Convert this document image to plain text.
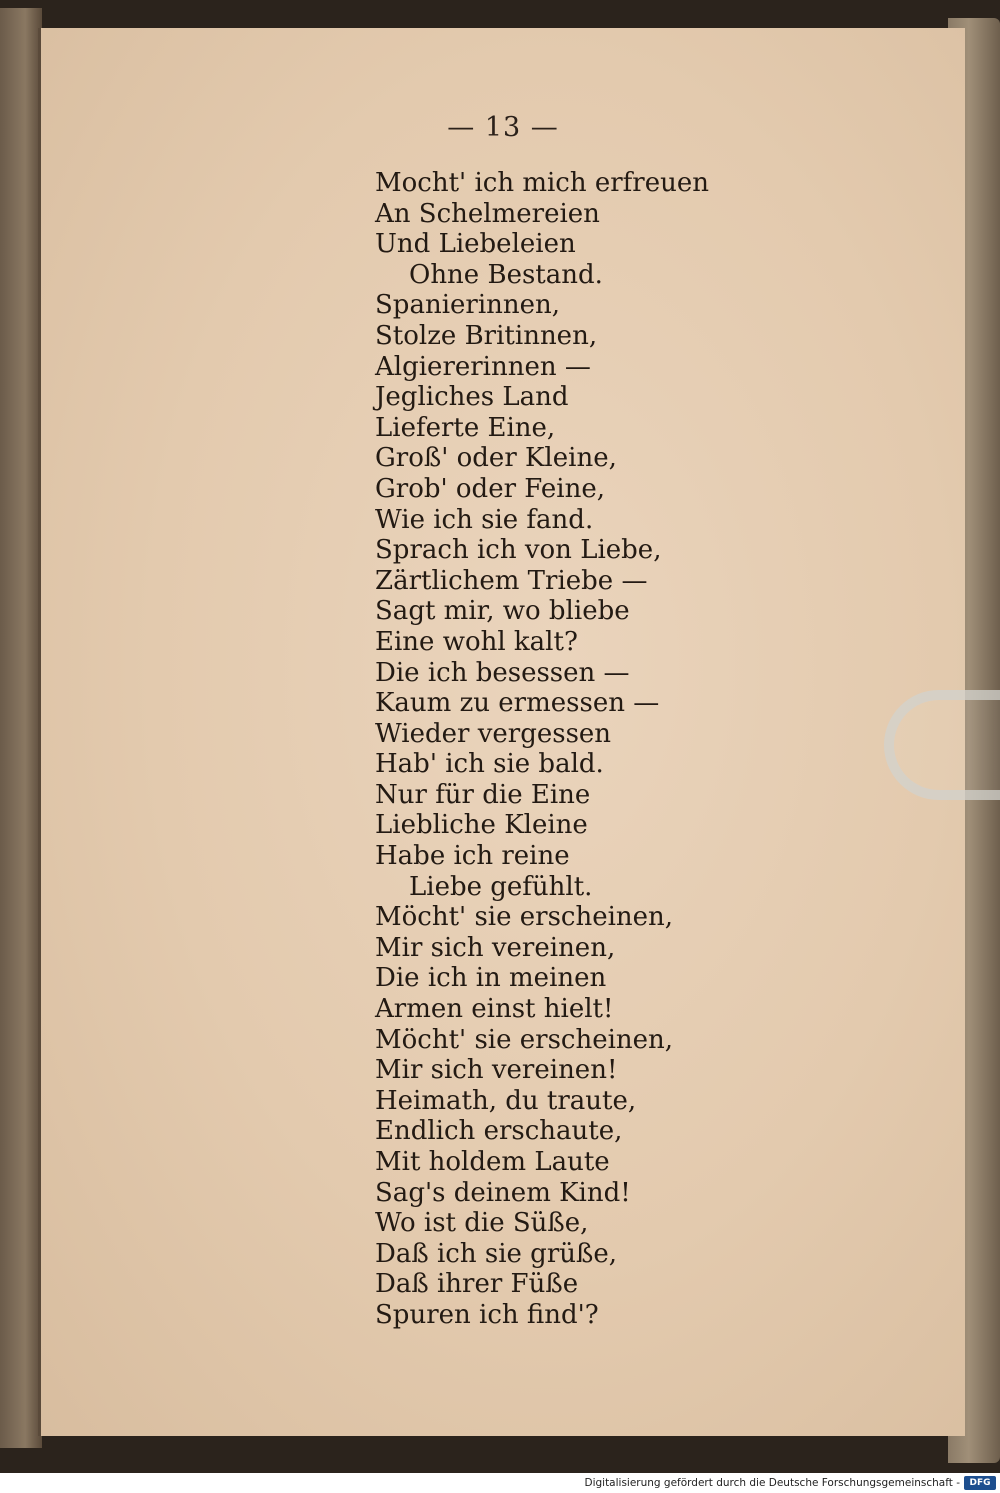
— 13 —
Mocht' ich mich erfreuen
An Schelmereien
Und Liebeleien
Ohne Bestand.
Spanierinnen,
Stolze Britinnen,
Algiererinnen —
Jegliches Land
Lieferte Eine,
Groß' oder Kleine,
Grob' oder Feine,
Wie ich sie fand.
Sprach ich von Liebe,
Zärtlichem Triebe —
Sagt mir, wo bliebe
Eine wohl kalt?
Die ich besessen —
Kaum zu ermessen —
Wieder vergessen
Hab' ich sie bald.
Nur für die Eine
Liebliche Kleine
Habe ich reine
Liebe gefühlt.
Möcht' sie erscheinen,
Mir sich vereinen,
Die ich in meinen
Armen einst hielt!
Möcht' sie erscheinen,
Mir sich vereinen!
Heimath, du traute,
Endlich erschaute,
Mit holdem Laute
Sag's deinem Kind!
Wo ist die Süße,
Daß ich sie grüße,
Daß ihrer Füße
Spuren ich find'?
Digitalisierung gefördert durch die Deutsche Forschungsgemeinschaft -	DFG
